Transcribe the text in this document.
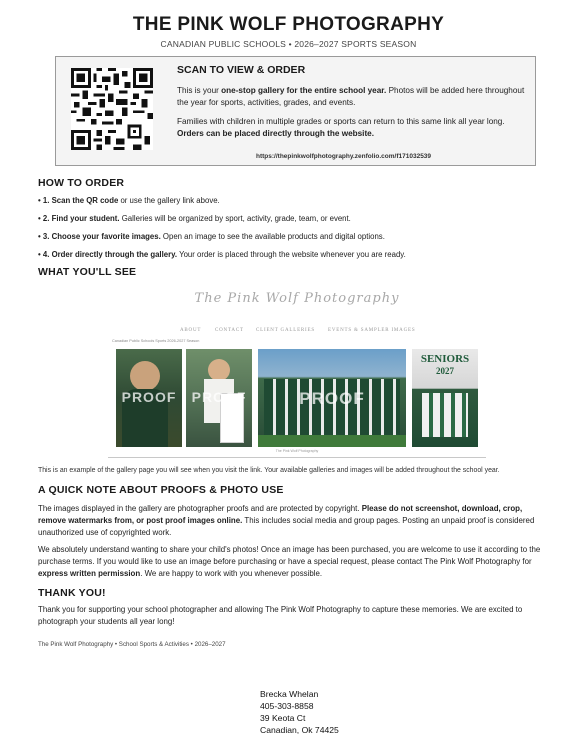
THE PINK WOLF PHOTOGRAPHY
CANADIAN PUBLIC SCHOOLS • 2026–2027 SPORTS SEASON
SCAN TO VIEW & ORDER
This is your one-stop gallery for the entire school year. Photos will be added here throughout the year for sports, activities, grades, and events.
Families with children in multiple grades or sports can return to this same link all year long. Orders can be placed directly through the website.
https://thepinkwolfphotography.zenfolio.com/f171032539
HOW TO ORDER
• 1. Scan the QR code or use the gallery link above.
• 2. Find your student. Galleries will be organized by sport, activity, grade, team, or event.
• 3. Choose your favorite images. Open an image to see the available products and digital options.
• 4. Order directly through the gallery. Your order is placed through the website whenever you are ready.
WHAT YOU'LL SEE
The Pink Wolf Photography
ABOUT	CONTACT CLIENT GALLERIES	EVENTS & SAMPLER IMAGES
Canadian Public Schools Sports 2026-2027 Season
PROOF	PROOF	PROOF
SENIORS
2027
The Pink Wolf Photography
This is an example of the gallery page you will see when you visit the link. Your available galleries and images will be added throughout the school year.
A QUICK NOTE ABOUT PROOFS & PHOTO USE
The images displayed in the gallery are photographer proofs and are protected by copyright. Please do not screenshot, download, crop, remove watermarks from, or post proof images online. This includes social media and group pages. Posting an unpaid proof is considered unauthorized use of copyrighted work.
We absolutely understand wanting to share your child's photos! Once an image has been purchased, you are welcome to use it according to the purchase terms. If you would like to use an image before purchasing or have a special request, please contact The Pink Wolf Photography for express written permission. We are happy to work with you whenever possible.
THANK YOU!
Thank you for supporting your school photographer and allowing The Pink Wolf Photography to capture these memories. We are excited to photograph your students all year long!
The Pink Wolf Photography • School Sports & Activities • 2026–2027
Brecka Whelan
405-303-8858
39 Keota Ct
Canadian, Ok 74425
